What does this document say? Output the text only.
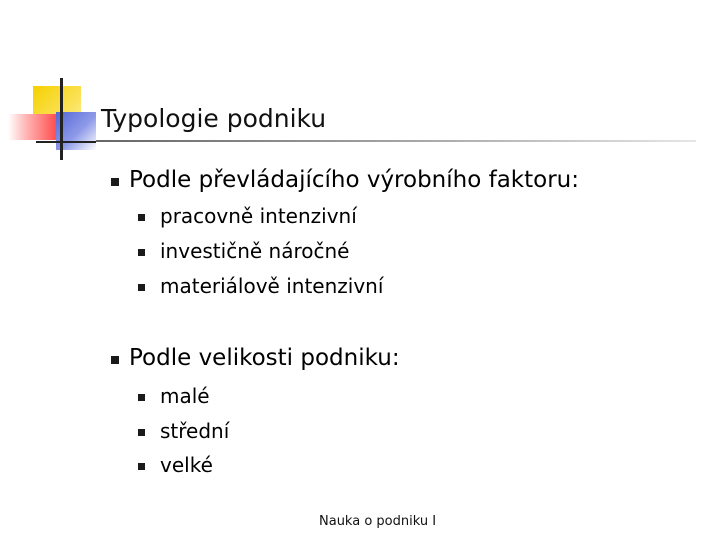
Typologie podniku
Podle převládajícího výrobního faktoru:
pracovně intenzivní
investičně náročné
materiálově intenzivní
Podle velikosti podniku:
malé
střední
velké
Nauka o podniku I
